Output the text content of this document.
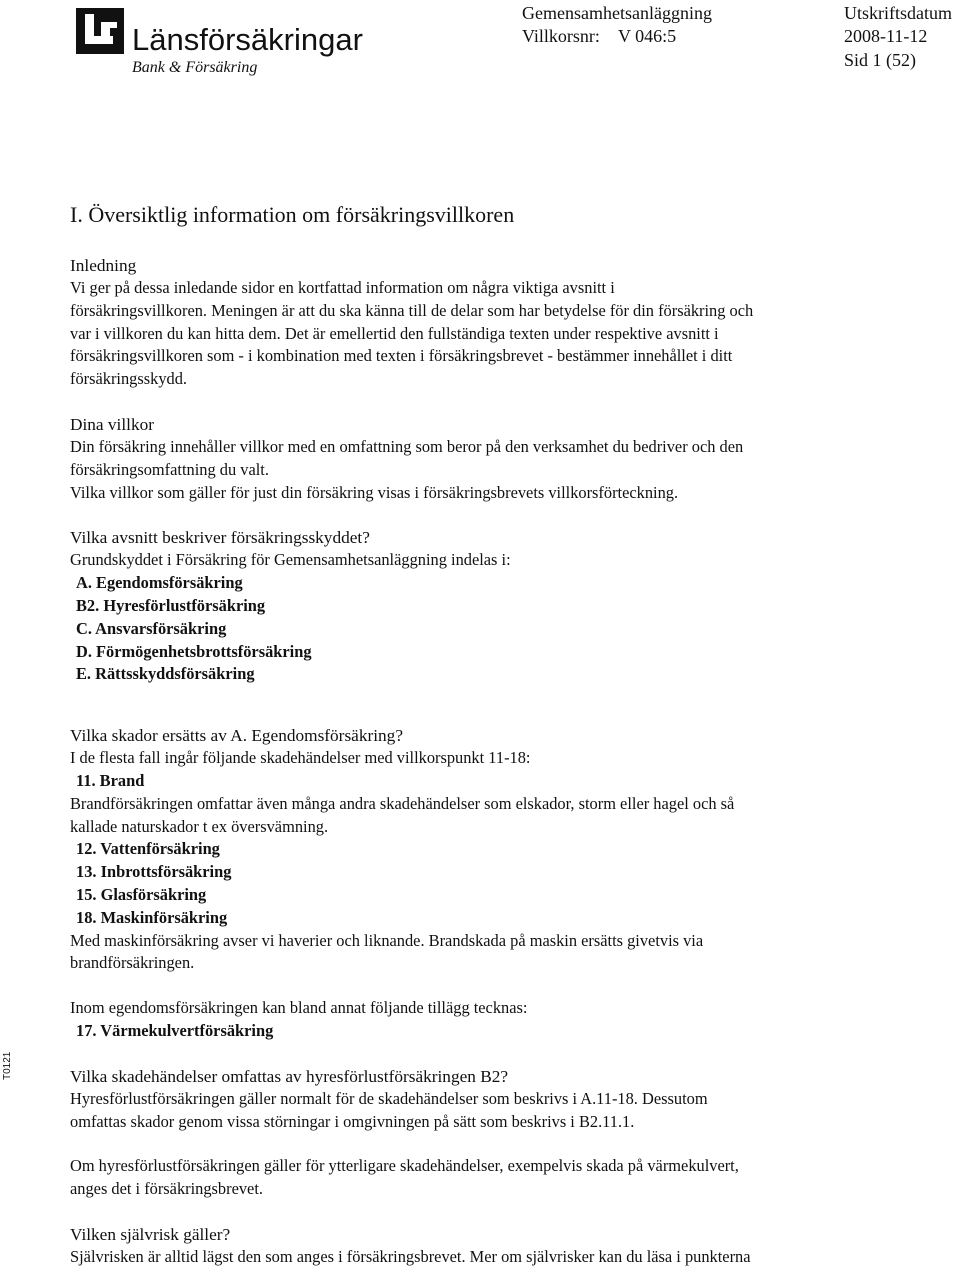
Länsförsäkringar
Bank & Försäkring
Gemensamhetsanläggning
Villkorsnr: V 046:5
Utskriftsdatum
2008-11-12
Sid 1 (52)
I. Översiktlig information om försäkringsvillkoren
Inledning
Vi ger på dessa inledande sidor en kortfattad information om några viktiga avsnitt i
försäkringsvillkoren. Meningen är att du ska känna till de delar som har betydelse för din försäkring och
var i villkoren du kan hitta dem. Det är emellertid den fullständiga texten under respektive avsnitt i
försäkringsvillkoren som - i kombination med texten i försäkringsbrevet - bestämmer innehållet i ditt
försäkringsskydd.
Dina villkor
Din försäkring innehåller villkor med en omfattning som beror på den verksamhet du bedriver och den
försäkringsomfattning du valt.
Vilka villkor som gäller för just din försäkring visas i försäkringsbrevets villkorsförteckning.
Vilka avsnitt beskriver försäkringsskyddet?
Grundskyddet i Försäkring för Gemensamhetsanläggning indelas i:
A. Egendomsförsäkring
B2. Hyresförlustförsäkring
C. Ansvarsförsäkring
D. Förmögenhetsbrottsförsäkring
E. Rättsskyddsförsäkring
Vilka skador ersätts av A. Egendomsförsäkring?
I de flesta fall ingår följande skadehändelser med villkorspunkt 11-18:
11. Brand
Brandförsäkringen omfattar även många andra skadehändelser som elskador, storm eller hagel och så
kallade naturskador t ex översvämning.
12. Vattenförsäkring
13. Inbrottsförsäkring
15. Glasförsäkring
18. Maskinförsäkring
Med maskinförsäkring avser vi haverier och liknande. Brandskada på maskin ersätts givetvis via
brandförsäkringen.
Inom egendomsförsäkringen kan bland annat följande tillägg tecknas:
17. Värmekulvertförsäkring
Vilka skadehändelser omfattas av hyresförlustförsäkringen B2?
Hyresförlustförsäkringen gäller normalt för de skadehändelser som beskrivs i A.11-18. Dessutom
omfattas skador genom vissa störningar i omgivningen på sätt som beskrivs i B2.11.1.
Om hyresförlustförsäkringen gäller för ytterligare skadehändelser, exempelvis skada på värmekulvert,
anges det i försäkringsbrevet.
Vilken självrisk gäller?
Självrisken är alltid lägst den som anges i försäkringsbrevet. Mer om självrisker kan du läsa i punkterna
T0121
